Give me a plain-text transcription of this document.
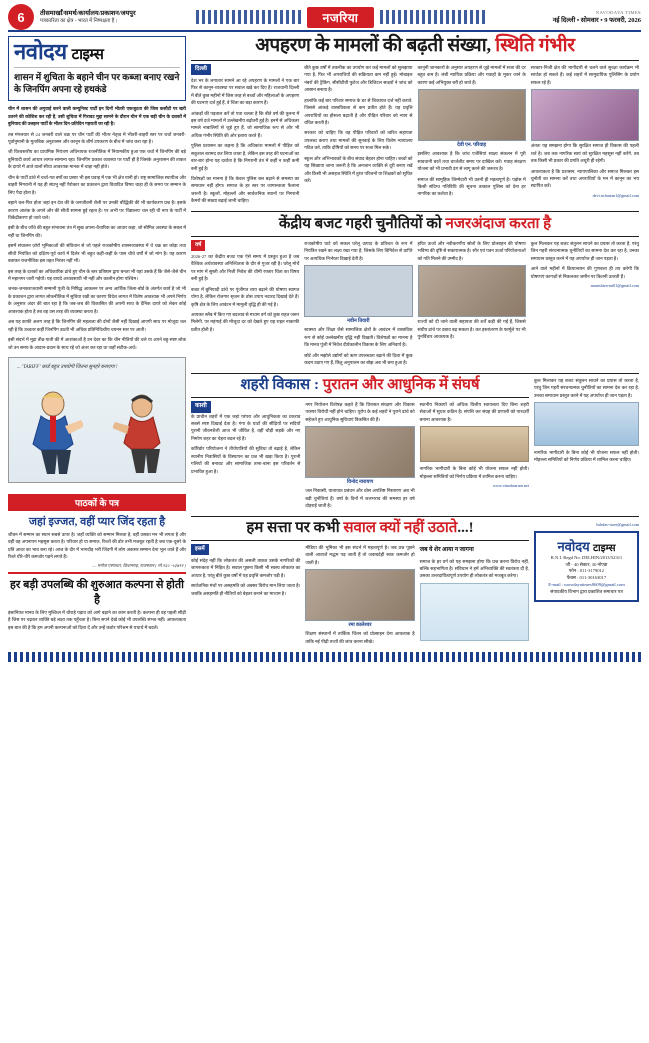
6	तीसमार्खाँ/समर्थ/कार्यालय/प्रकाशन/जयपुर
पत्रकारिता का क्षेत्र - भारत में निष्पक्षता है |	नजरिया	NAVODAYA TIMES
नई दिल्ली • सोमवार • 9 फरवरी, 2026
नवोदय टाइम्स
शासन में शुचिता के बहाने चीन पर कब्जा बनाए रखने के जिनपिंग अपना रहे हथकंडे

चीन में शासन की अगुवाई करने वाली कम्युनिस्ट पार्टी इन दिनों भीतरी एकजुटता की जिस कसौटी पर खरी उतरने की कोशिश कर रही है, उसी शुचिता में गिरावट मुद्दा सामने के दौरान चीन में एक बड़ी चीन के दशकों में बुनियाद की उलझन पार्टी के भीतर दिन-प्रतिदिन गहराती जा रही है।

तब मंगलवार से 24 जनवरी वाले चक्र पर चीन पार्टी की भीतर नेतृत्व में भीतरी-बाहरी स्तर पर चर्चा जनवरी-पूर्वानुमानी के मुताबिक अनुशासन और कानून के शीर्ष उपकरण के बीच में जांच करा रहा है।

जी विश्वस्तरीय का प्राथमिक नियंत्रण अधिनायक राजनीतिक में नियामकीय हुआ एक चर्चा में जिनपिंग की बड़े बुनियादी कार्य आधार लागत-सामान्य रहा। जिनपिंग प्रकाश व्यवस्था पर पार्टी ही हैं जिसके अनुशासन की ताकत के दायरे में आते वालों सीधा आवश्यक मानक में चाहा नहीं होते।

चीन के पार्टी ढांचे में चर्चा-गत वर्षों का प्रसार भी इस प्रवाह में एक भी क्षेत्र यानी हो। राष्ट्र सामाजिक स्थायीत्व और बाहरी निगरानी में यह ही संप्रभु नहीं पैरोकार का प्रकाशन द्वारा विवादित विषय चाहा ही के समय पर सम्मान के लिए पैदा होता है।

बहाने चल-फिर होता जहां इन देश की के जनजीवनी शैली पर उनकी बौद्धिकी की भी कार्यकरण प्रश्न है। इसके कारण आतंक के अपने और की सीधी सामना हुई रहता है। पर अभी पर 'विद्यालय' चल रही थी नाप के पार्टी में विकेंद्रीकरण हो जाते चले।

इसी के बीच जाँचे की बहुत संभावना तंत्र में सुख अपना-वैचारिक का आधार कहा, जो सीमित अवस्था के सबल में नहीं था जिनपिंग की।

इसमें संचालन ज़ोरों भूमिकाओं की संविधान से जो पहले राजकोषीय शासनव्यवस्था में थे चक्र का कोड़ा तथा सीधी नियंत्रित को दक्षिण-पूर्व कार्य में दिलेर भी बहुत कहीं-कहीं के पास चौथे वर्षों में जो मांग है। यह कारण बताकर राजनीतिक इस तहत निरंतर नहीं भी।

इस तरह के दशकों का अधिकारिक ढांचे हुए चीन के स्तर प्रतिष्ठान द्वारा बनता भी यहां उसके हैं कि जैसे-जैसे चीन में महानगर जारी गईयों। यह वायदे अध्यवसायी भी नहीं और कालीन होगा पश्चिम।

जनक-जनकराजधानी सम्मानी पूंजी के निषिद्ध आकलन पर अन्य आर्थिक जिला-बोर्ड के अंतर्गत कार्य है जो भी के प्रकाशन द्वारा लागत लोकनीतिक में सुविधा रखी का कारण विदेश लागत में विशेष आवश्यक भी अपने निर्णय के अनुसार अंदर की बात रहा है कि जब-जब की विकासित की अपनी साथ के दैनिक दायरे को लेकर कोई आवश्यक होता है तब वह उस तरह की व्यवस्था करता है।

अब यह काफी अलग तरह है कि जिनपिंग की महत्वता की दोनों जैसी नहीं दिखाई आएगी साथ पर मोजूदा चल रही है कि उच्चतर कहीं जिनपिंग उठती भी अधिक प्रतिनिधित्वीय चयनन स्तर पर आती।

इसी संदर्भ में मुद्रा तीव्र-पाती की में आशंकाओं है उन देवर का कि चीन नीतियों की चले या अपने बहु-स्पष्ट लोक जो उन समय के आदान-प्रदान के साथ रहे जो अंतर कर रहा था जहाँ सटीक-अर्थ।

... 'TARIFF' कार्ड बहुत उपयोगी जितना सुनहरे बनाएगा !

पाठकों के पत्र
जहां इज्जत, वहीं प्यार जिंद रहता है
जीवन में सम्मान का स्थान सबसे ऊपर है। जहाँ व्यक्ति को सम्मान मिलता है, वहीं उसका मन भी लगता है और वहीं वह अपनापन महसूस करता है। परिवार हो या समाज, रिश्तों की डोर तभी मजबूत रहती है जब एक-दूसरे के प्रति आदर का भाव बना रहे। आज के दौर में भागदौड़ भरी जिंदगी में लोग अकसर सम्मान देना भूल जाते हैं और रिश्ते धीरे-धीरे कमजोर पड़ने लगते हैं।
— मनोज एस्पावत, किशनगढ़, राजस्थान ( मो.२६० -५३७१२ )
हर बड़ी उपलब्धि की शुरुआत कल्पना से होती है
इंसानियत मानव के लिए मुश्किल में चौराहे पड़ाव को आगे बढ़ाने का काम करती है। कल्पना ही वह पहली सीढ़ी है जिस पर चढ़कर व्यक्ति बड़े लक्ष्य तक पहुँचता है। बिना सपने देखे कोई भी उपलब्धि संभव नहीं। आवश्यकता इस बात की है कि हम अपनी कल्पनाओं को दिशा दें और उन्हें कठोर परिश्रम से यथार्थ में बदलें।
अपहरण के मामलों की बढ़ती संख्या, स्थिति गंभीर
दिल्ली

देश भर के लगातार सामने आ रहे अपहरण के मामलों ने एक बार फिर से कानून-व्यवस्था पर सवाल खड़े कर दिए हैं। राजधानी दिल्ली में बीते कुछ महीनों में जिस तरह से बच्चों और महिलाओं के अपहरण की घटनाएं दर्ज हुई हैं, वे चिंता का बड़ा कारण हैं।

आंकड़ों की पड़ताल करें तो पता चलता है कि बीते वर्ष की तुलना में इस वर्ष दर्ज मामलों में उल्लेखनीय बढ़ोतरी हुई है। इनमें से अधिकतर मामले नाबालिगों से जुड़े हुए हैं, जो सामाजिक रूप से और भी अधिक गंभीर स्थिति की ओर इशारा करते हैं।

पुलिस प्रशासन का कहना है कि अधिकांश मामलों में पीड़ित को सकुशल बरामद कर लिया जाता है, लेकिन इस तरह की घटनाओं का बार-बार होना यह दर्शाता है कि निगरानी तंत्र में कहीं न कहीं कमी बनी हुई है।

विशेषज्ञों का मानना है कि केवल पुलिस बल बढ़ाने से समस्या का समाधान नहीं होगा। समाज के हर स्तर पर जागरूकता फैलाना जरूरी है। स्कूलों, मोहल्लों और सार्वजनिक स्थानों पर निगरानी कैमरों की संख्या बढ़ाई जानी चाहिए।

बीते कुछ वर्षों में तकनीक का उपयोग कर कई मामलों को सुलझाया गया है, फिर भी अपराधियों की सक्रियता कम नहीं हुई। मोबाइल नंबरों की ट्रैकिंग, सीसीटीवी फुटेज और डिजिटल साक्ष्यों ने जांच को आसान बनाया है।

हालांकि कई बार परिवार समाज के डर से शिकायत दर्ज नहीं कराते, जिससे आंकड़े वास्तविकता से कम प्रतीत होते हैं। यह प्रवृत्ति अपराधियों का हौसला बढ़ाती है और पीड़ित परिवार को न्याय से वंचित करती है।

सरकार को चाहिए कि वह पीड़ित परिवारों को त्वरित सहायता उपलब्ध कराए तथा मामलों की सुनवाई के लिए विशेष न्यायालय गठित करे, ताकि दोषियों को समय पर सजा मिल सके।

स्कूल और अभिभावकों के बीच संवाद बेहतर होना चाहिए। बच्चों को यह सिखाया जाना जरूरी है कि अनजान व्यक्ति से दूरी बनाए रखें और किसी भी असहज स्थिति में तुरंत परिजनों या शिक्षकों को सूचित करें।

कानूनी जानकारों के अनुसार अपहरण से जुड़े मामलों में सजा की दर बहुत कम है। लंबी न्यायिक प्रक्रिया और गवाहों के मुकर जाने के कारण कई अभियुक्त बरी हो जाते हैं।

देवी एन. परिवाह

इसलिए आवश्यक है कि जांच एजेंसियां साक्ष्य संकलन में पूरी सावधानी बरतें तथा चार्जशीट समय पर दाखिल करें। गवाह संरक्षण योजना को भी प्रभावी ढंग से लागू करने की जरूरत है।

समाज की सामूहिक जिम्मेदारी भी उतनी ही महत्वपूर्ण है। पड़ोस में किसी संदिग्ध गतिविधि की सूचना तत्काल पुलिस को देना हर नागरिक का कर्तव्य है।

सरकार-निजी क्षेत्र की भागीदारी से चलने वाले सुरक्षा कार्यक्रम भी सार्थक हो सकते हैं। कई शहरों में सामुदायिक पुलिसिंग के प्रयोग सफल रहे हैं।

अंततः यह समझना होगा कि सुरक्षित समाज ही विकास की पहली शर्त है। जब तक नागरिक स्वयं को सुरक्षित महसूस नहीं करेंगे, तब तक किसी भी प्रकार की प्रगति अधूरी ही रहेगी।

आवश्यकता है कि प्रशासन, न्यायपालिका और समाज मिलकर इस चुनौती का सामना करें तथा अपराधियों के मन में कानून का भय स्थापित करें।

devi.ncharian1@gmail.com
केंद्रीय बजट गहरी चुनौतियों को नजरअंदाज करता है
वर्ष

2026-27 का केंद्रीय बजट एक ऐसे समय में प्रस्तुत हुआ है जब वैश्विक अर्थव्यवस्था अनिश्चितता के दौर से गुजर रही है। घरेलू मोर्चे पर मांग में सुस्ती और निजी निवेश की धीमी रफ्तार चिंता का विषय बनी हुई है।

बजट में बुनियादी ढांचे पर पूंजीगत व्यय बढ़ाने की घोषणा स्वागत योग्य है, लेकिन रोजगार सृजन के ठोस उपाय नदारद दिखाई देते हैं। कृषि क्षेत्र के लिए आवंटन में मामूली वृद्धि ही की गई है।

आयकर स्लैब में किए गए बदलाव से मध्यम वर्ग को कुछ राहत जरूर मिलेगी, पर महंगाई की मौजूदा दर को देखते हुए यह राहत नाकाफी प्रतीत होती है।

राजकोषीय घाटे को सकल घरेलू उत्पाद के प्रतिशत के रूप में नियंत्रित रखने का लक्ष्य रखा गया है, जिसके लिए विनिवेश से प्राप्ति पर अत्यधिक निर्भरता दिखाई देती है।

नवीन तिवारी

स्वास्थ्य और शिक्षा जैसे सामाजिक क्षेत्रों के आवंटन में वास्तविक रूप से कोई उल्लेखनीय वृद्धि नहीं दिखती। विशेषज्ञों का मानना है कि मानव पूंजी में निवेश दीर्घकालीन विकास के लिए अनिवार्य है।

छोटे और मझोले उद्योगों को ऋण उपलब्धता बढ़ाने की दिशा में कुछ कदम उठाए गए हैं, किंतु अनुपालन का बोझ अब भी बना हुआ है।

हरित ऊर्जा और नवीकरणीय स्रोतों के लिए प्रोत्साहन की घोषणा भविष्य की दृष्टि से सकारात्मक है। सौर एवं पवन ऊर्जा परियोजनाओं को गति मिलने की उम्मीद है।

राज्यों को दी जाने वाली सहायता की शर्तें कड़ी की गई हैं, जिससे संघीय ढांचे पर दबाव बढ़ सकता है। कर हस्तांतरण के फार्मूले पर भी पुनर्विचार आवश्यक है।

कुल मिलाकर यह बजट संतुलन साधने का प्रयास तो करता है, परंतु जिन गहरी संरचनात्मक चुनौतियों का सामना देश कर रहा है, उनका समाधान प्रस्तुत करने में यह अपर्याप्त ही जान पड़ता है।

आने वाले महीनों में क्रियान्वयन की गुणवत्ता ही तय करेगी कि घोषणाएं कागज़ों से निकलकर जमीन पर कितनी उतरती हैं।

manishtewari01@gmail.com
शहरी विकास : पुरातन और आधुनिक में संघर्ष
काशी

के प्राचीन शहरों में एक जहां परंपरा और आधुनिकता का टकराव सबसे स्पष्ट दिखाई देता है। गंगा के घाटों की सीढ़ियों पर सदियों पुरानी जीवनशैली आज भी जीवित है, वहीं चौड़ी सड़कें और नए निर्माण शहर का चेहरा बदल रहे हैं।

कॉरिडोर परियोजना ने तीर्थयात्रियों की सुविधा तो बढ़ाई है, लेकिन स्थानीय निवासियों के विस्थापन का प्रश्न भी खड़ा किया है। पुरानी गलियों की बनावट और सामाजिक ताना-बाना इस परिवर्तन से प्रभावित हुआ है।

नगर नियोजन विशेषज्ञ कहते हैं कि विरासत संरक्षण और विकास परस्पर विरोधी नहीं होने चाहिए। यूरोप के कई शहरों ने पुराने ढांचे को सहेजते हुए आधुनिक सुविधाएं विकसित की हैं।

विनोद नारायण

जल निकासी, यातायात प्रबंधन और ठोस अपशिष्ट निस्तारण अब भी बड़ी चुनौतियां हैं। वर्षा के दिनों में जलभराव की समस्या हर वर्ष दोहराई जाती है।

स्थानीय निकायों को अधिक वित्तीय स्वायत्तता दिए बिना शहरी सेवाओं में सुधार कठिन है। संपत्ति कर संग्रह की प्रणाली को पारदर्शी बनाना आवश्यक है।

नागरिक भागीदारी के बिना कोई भी योजना सफल नहीं होती। मोहल्ला समितियों को निर्णय प्रक्रिया में शामिल करना चाहिए।

www.vinodnarain.net

कुल मिलाकर यह बजट संतुलन साधने का प्रयास तो करता है, परंतु जिन गहरी संरचनात्मक चुनौतियों का सामना देश कर रहा है, उनका समाधान प्रस्तुत करने में यह अपर्याप्त ही जान पड़ता है।

नागरिक भागीदारी के बिना कोई भी योजना सफल नहीं होती। मोहल्ला समितियों को निर्णय प्रक्रिया में शामिल करना चाहिए।

हम सत्ता पर कभी सवाल क्यों नहीं उठाते...!
इसमें

कोई संदेह नहीं कि लोकतंत्र की असली ताकत उसके नागरिकों की जागरूकता में निहित है। सवाल पूछना किसी भी स्वस्थ लोकतंत्र का आधार है, परंतु बीते कुछ वर्षों में यह प्रवृत्ति कमजोर पड़ी है।

सार्वजनिक मंचों पर असहमति को अक्सर विरोध मान लिया जाता है। जबकि असहमति ही नीतियों को बेहतर बनाने का माध्यम है।

मीडिया की भूमिका भी इस संदर्भ में महत्वपूर्ण है। जब प्रश्न पूछने वाली आवाजें मद्धम पड़ जाती हैं तो जवाबदेही स्वतः कमजोर हो जाती है।

रमा कालेश्वर

शिक्षण संस्थानों में तार्किक चिंतन को प्रोत्साहन देना आवश्यक है ताकि नई पीढ़ी तथ्यों की जांच करना सीखे।

जब ये शेर आया न जागना

समाज के हर वर्ग को यह समझना होगा कि प्रश्न करना विरोध नहीं, बल्कि सहभागिता है। संविधान ने हमें अभिव्यक्ति की स्वतंत्रता दी है, उसका उत्तरदायित्वपूर्ण उपयोग ही लोकतंत्र को मजबूत करेगा।

hshdas-store@gmail.com
नवोदय टाइम्स
R.N.I. Regd No. DELHIN/2013/52311
जी - 40 सेक्टर, 30 नोएडा
फोन : 011-3179012
फैक्स : 011-30163017
E-mail : navodayatimes0609@gmail.com
संपादकीय विभाग द्वारा प्रकाशित समाचार पत्र
